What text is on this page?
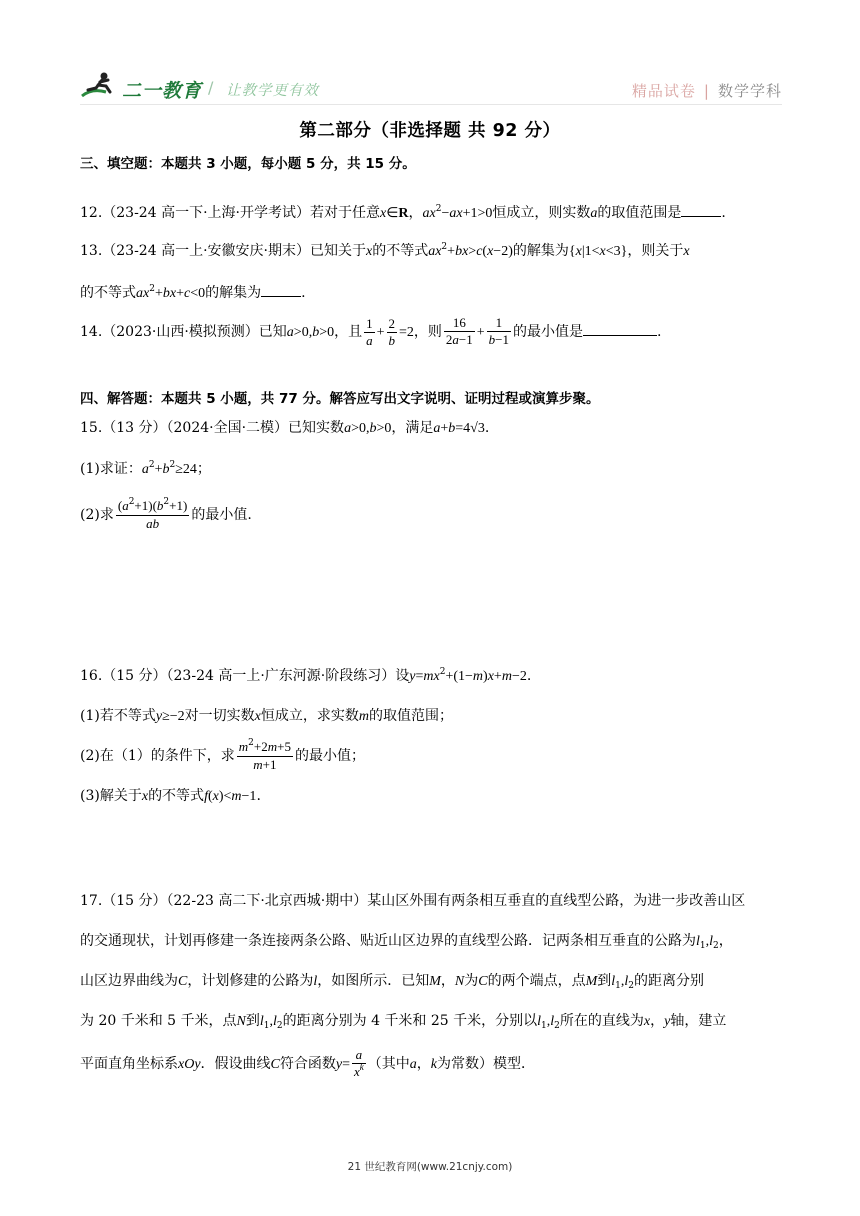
二一教育 / 让教学更有效	精品试卷 | 数学学科
第二部分（非选择题 共 92 分）
三、填空题：本题共 3 小题，每小题 5 分，共 15 分。
12.（23-24 高一下·上海·开学考试）若对于任意x∈R，$ax^2-ax+1>0$恒成立，则实数a的取值范围是	.
13.（23-24 高一上·安徽安庆·期末）已知关于x的不等式$ax^2+bx>c(x-2)$的解集为{x|1<x<3}，则关于x
的不等式$ax^2+bx+c<0$的解集为	.
14.（2023·山西·模拟预测）已知a>0,b>0，且 $\frac{1}{a} + \frac{2}{b} =2$，则 $\frac{16}{2a-1} + \frac{1}{b-1}$ 的最小值是	.
四、解答题：本题共 5 小题，共 77 分。解答应写出文字说明、证明过程或演算步聚。
15.（13 分）（2024·全国·二模）已知实数a>0,b>0，满足a+b=4√3.
(1)求证：$a^2+b^2\ge 24$；
(2)求 $\frac{(a^2+1)(b^2+1)}{ab}$ 的最小值.
16.（15 分）（23-24 高一上·广东河源·阶段练习）设$y=mx^2+(1-m)x+m-2$.
(1)若不等式y≥−2对一切实数x恒成立，求实数m的取值范围；
(2)在（1）的条件下，求 $\frac{m^2+2m+5}{m+1}$ 的最小值；
(3)解关于x的不等式f(x)<m−1.
17.（15 分）（22-23 高二下·北京西城·期中）某山区外围有两条相互垂直的直线型公路，为进一步改善山区
的交通现状，计划再修建一条连接两条公路、贴近山区边界的直线型公路．记两条相互垂直的公路为$l_1,l_2$，
山区边界曲线为C，计划修建的公路为l，如图所示．已知M，N为C的两个端点，点M到$l_1,l_2$的距离分别
为 20 千米和 5 千米，点N到$l_1,l_2$的距离分别为 4 千米和 25 千米，分别以$l_1,l_2$所在的直线为x，y轴，建立
平面直角坐标系xOy．假设曲线C符合函数$y= \frac{a}{x^k}$ （其中a，k为常数）模型．
21 世纪教育网(www.21cnjy.com)
